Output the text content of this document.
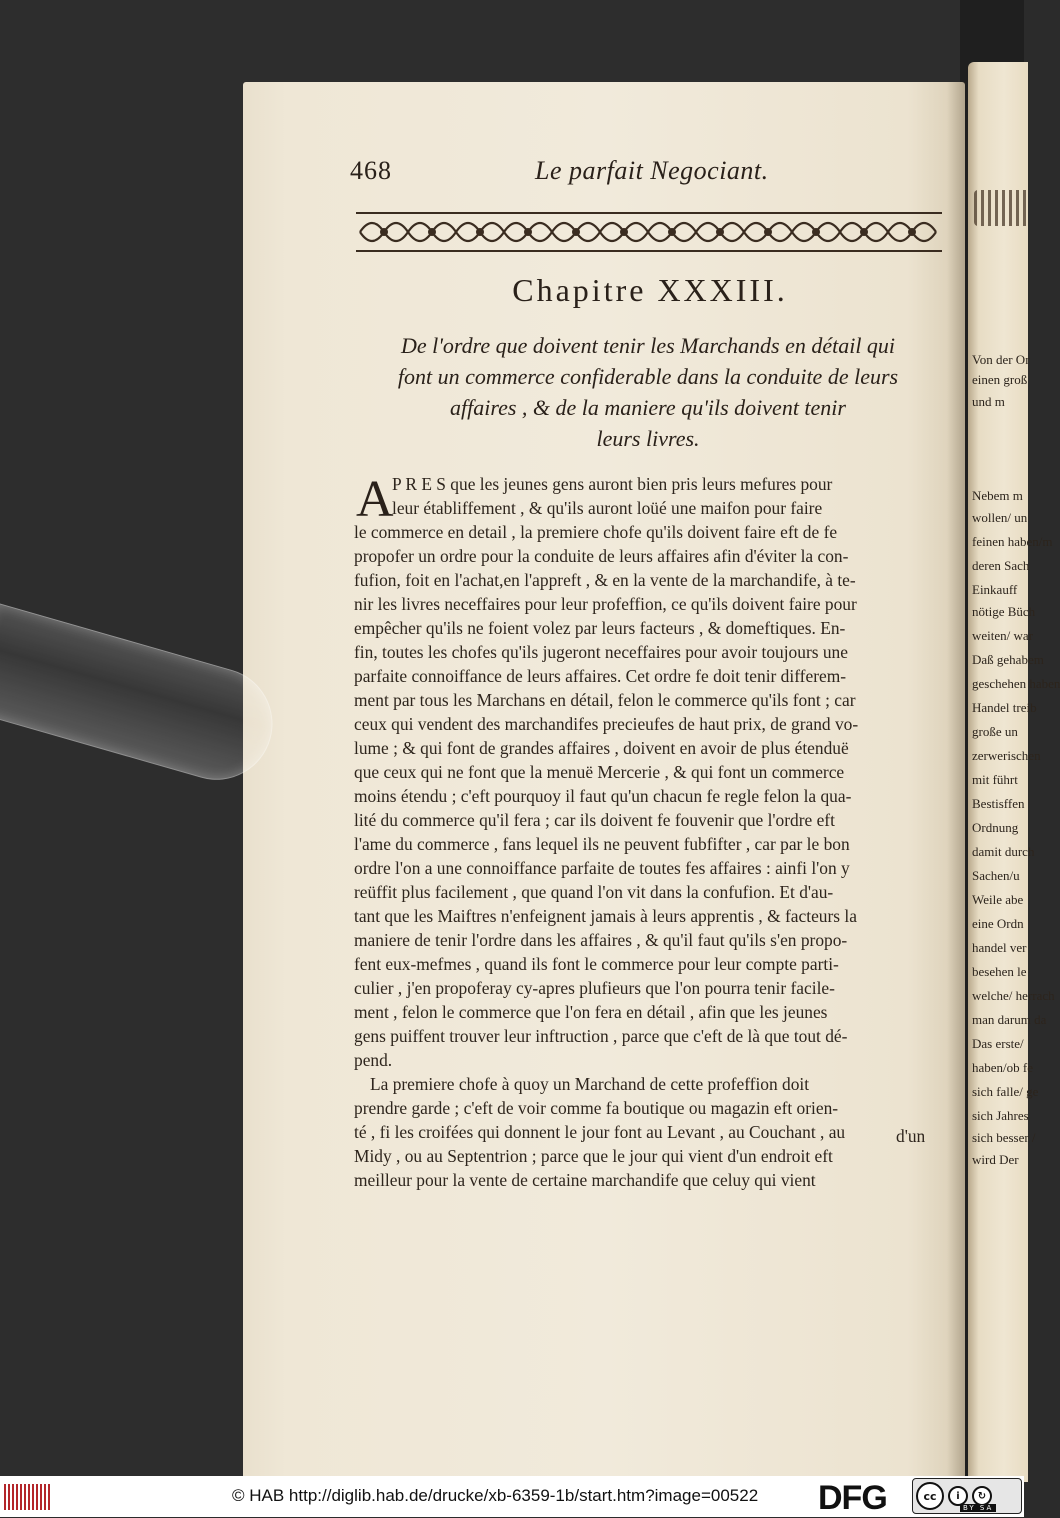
Von der Or
einen groß
und m
Nebem m
wollen/ un
feinen haben/m
deren Sach
Einkauff
nötige Büch
weiten/ war
Daß gehabem
geschehen haben
Handel treib
große un
zerwerischen
mit führt
Bestisffen
Ordnung
damit durch
Sachen/u
Weile abe
eine Ordn
handel ver
besehen le
welche/ herrach
man darum da
Das erste/
haben/ob fe
sich falle/ ge
sich Jahres
sich besser /
wird Der
468	Le parfait Negociant.
Chapitre XXXIII.
De l'ordre que doivent tenir les Marchands en détail qui
font un commerce confiderable dans la conduite de leurs
affaires , & de la maniere qu'ils doivent tenir
leurs livres.
A
P R E S que les jeunes gens auront bien pris leurs mefures pour
leur établiffement , & qu'ils auront loüé une maifon pour faire
le commerce en detail , la premiere chofe qu'ils doivent faire eft de fe
propofer un ordre pour la conduite de leurs affaires afin d'éviter la con-
fufion, foit en l'achat,en l'appreft , & en la vente de la marchandife, à te-
nir les livres neceffaires pour leur profeffion, ce qu'ils doivent faire pour
empêcher qu'ils ne foient volez par leurs facteurs , & domeftiques. En-
fin, toutes les chofes qu'ils jugeront neceffaires pour avoir toujours une
parfaite connoiffance de leurs affaires. Cet ordre fe doit tenir differem-
ment par tous les Marchans en détail, felon le commerce qu'ils font ; car
ceux qui vendent des marchandifes precieufes de haut prix, de grand vo-
lume ; & qui font de grandes affaires , doivent en avoir de plus étenduë
que ceux qui ne font que la menuë Mercerie , & qui font un commerce
moins étendu ; c'eft pourquoy il faut qu'un chacun fe regle felon la qua-
lité du commerce qu'il fera ; car ils doivent fe fouvenir que l'ordre eft
l'ame du commerce , fans lequel ils ne peuvent fubfifter , car par le bon
ordre l'on a une connoiffance parfaite de toutes fes affaires : ainfi l'on y
reüffit plus facilement , que quand l'on vit dans la confufion. Et d'au-
tant que les Maiftres n'enfeignent jamais à leurs apprentis , & facteurs la
maniere de tenir l'ordre dans les affaires , & qu'il faut qu'ils s'en propo-
fent eux-mefmes , quand ils font le commerce pour leur compte parti-
culier , j'en propoferay cy-apres plufieurs que l'on pourra tenir facile-
ment , felon le commerce que l'on fera en détail , afin que les jeunes
gens puiffent trouver leur inftruction , parce que c'eft de là que tout dé-
pend.
La premiere chofe à quoy un Marchand de cette profeffion doit
prendre garde ; c'eft de voir comme fa boutique ou magazin eft orien-
té , fi les croifées qui donnent le jour font au Levant , au Couchant , au
Midy , ou au Septentrion ; parce que le jour qui vient d'un endroit eft
meilleur pour la vente de certaine marchandife que celuy qui vient
d'un
© HAB http://diglib.hab.de/drucke/xb-6359-1b/start.htm?image=00522 DFG	cc	i	↻
BY SA
